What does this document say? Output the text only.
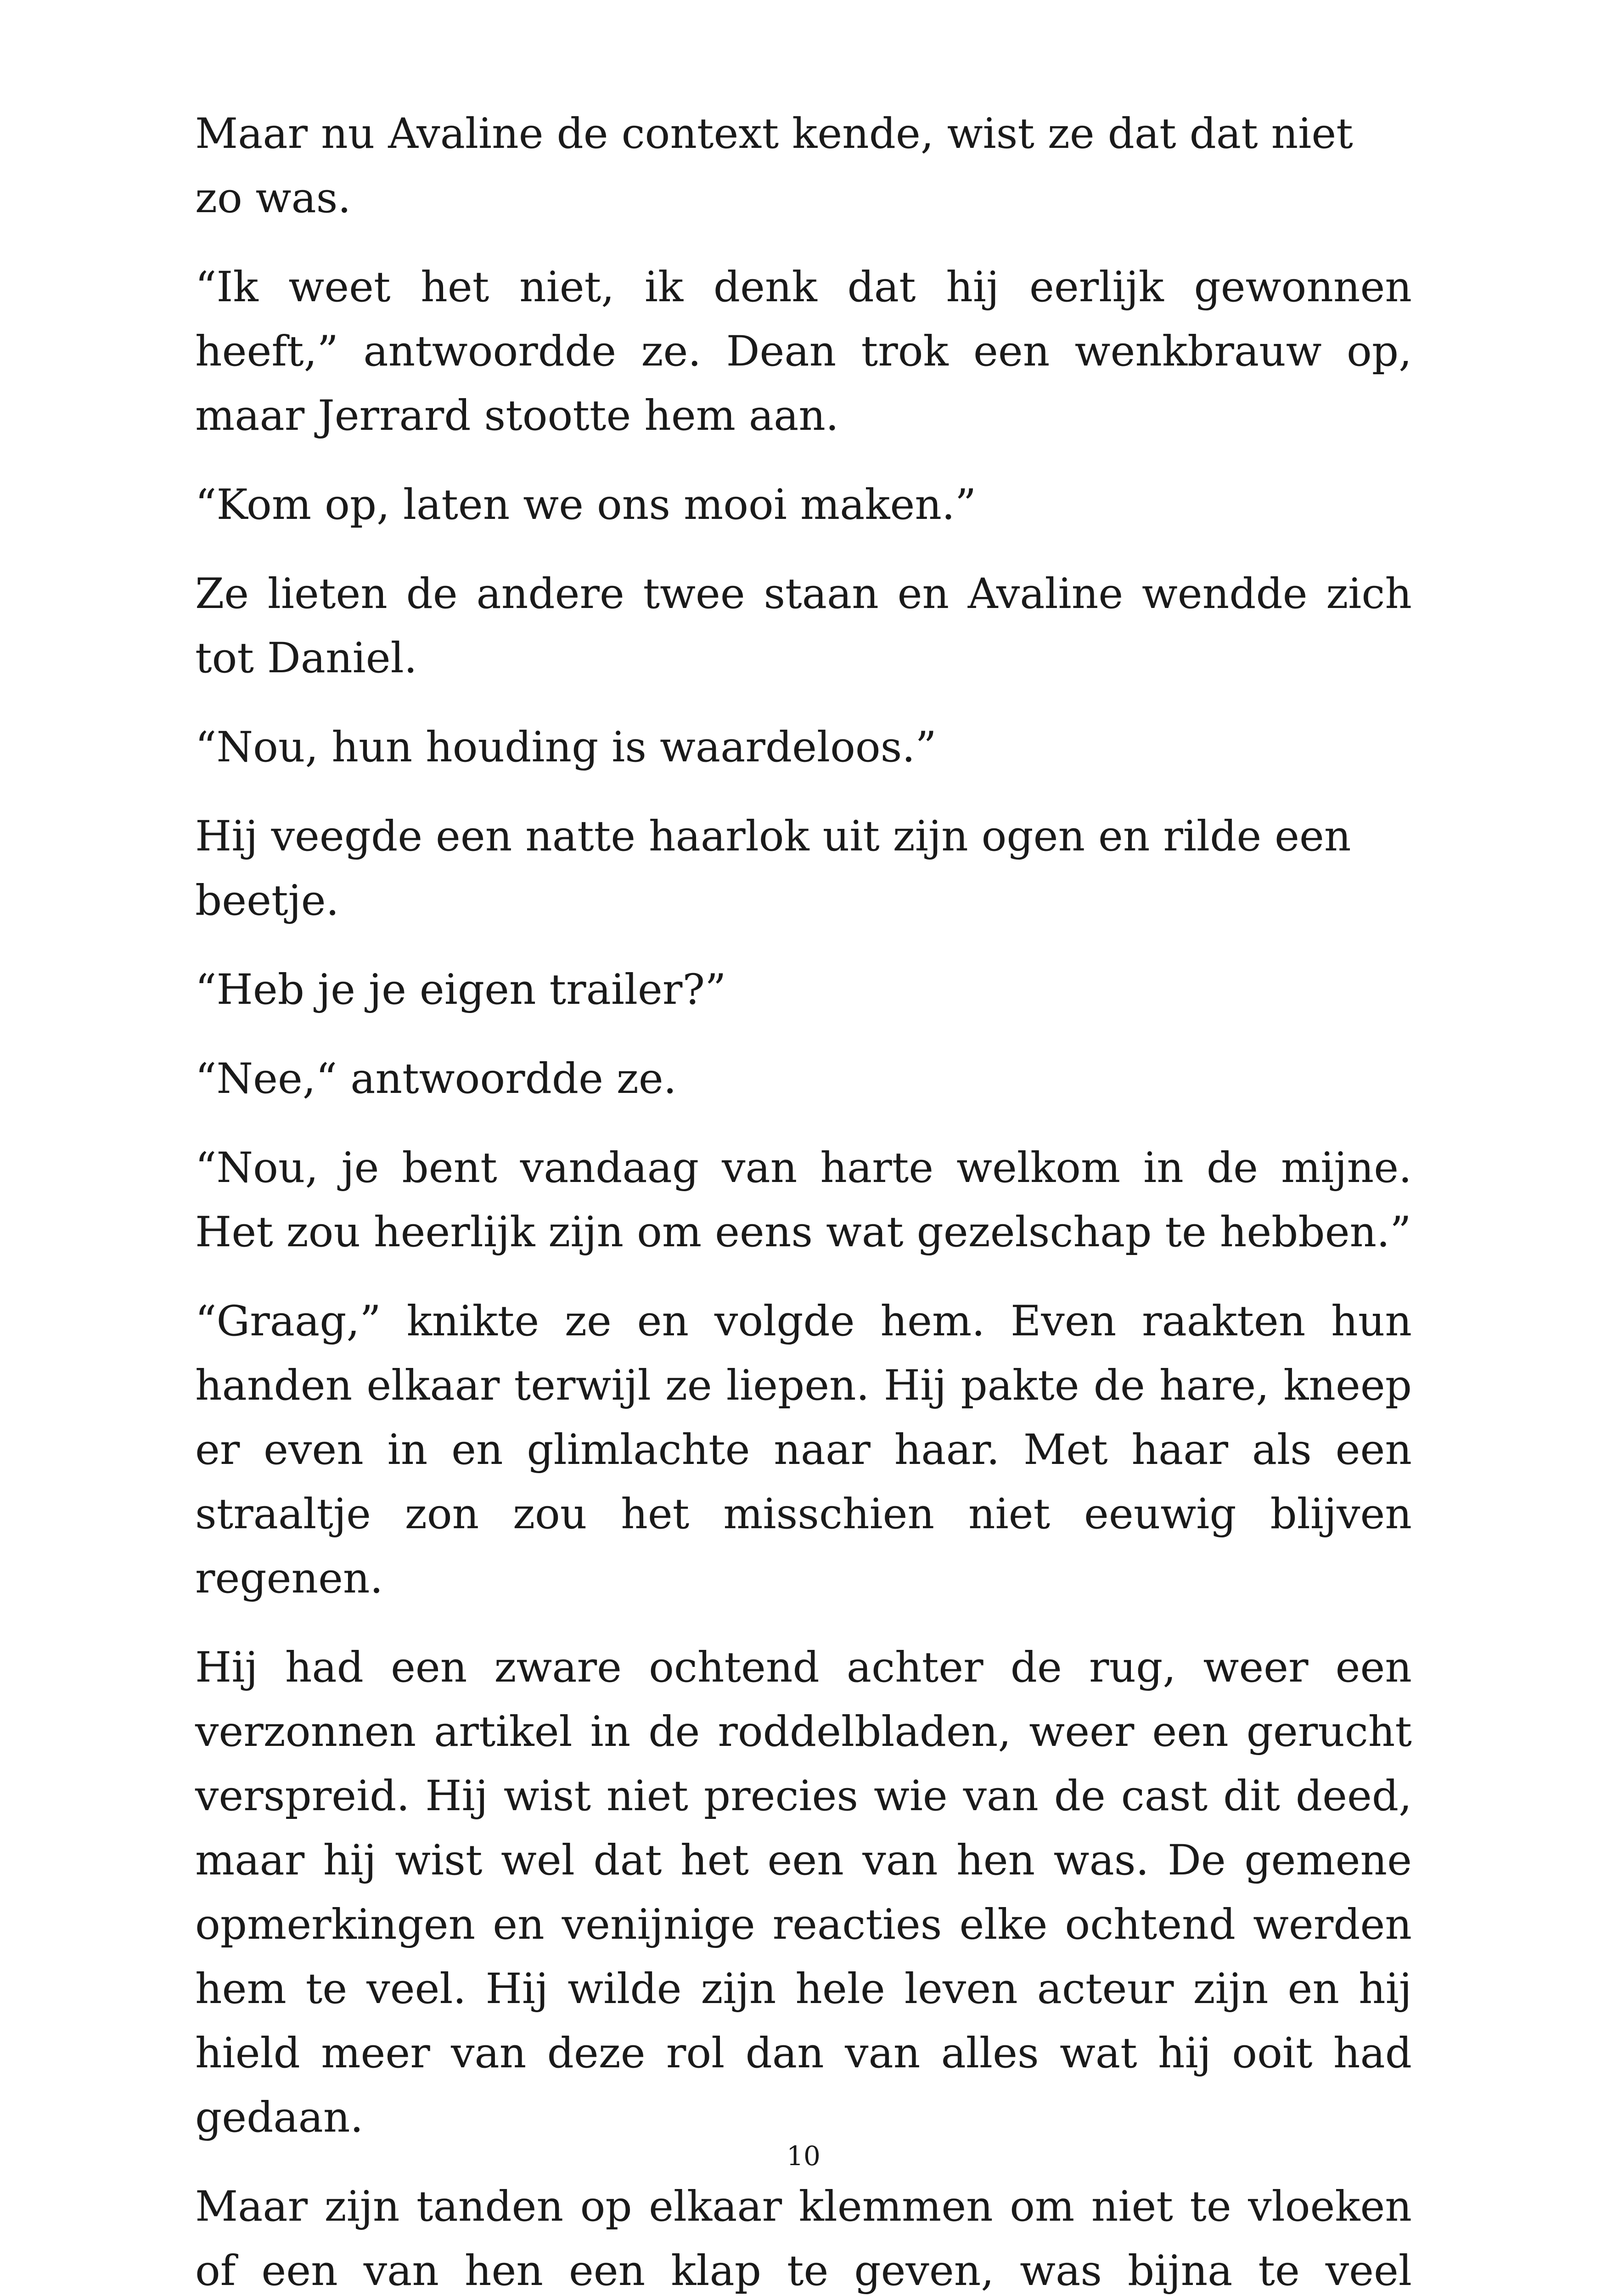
Maar nu Avaline de context kende, wist ze dat dat niet zo was.

“Ik weet het niet, ik denk dat hij eerlijk gewonnen heeft,” antwoordde ze. Dean trok een wenkbrauw op, maar Jerrard stootte hem aan.

“Kom op, laten we ons mooi maken.”

Ze lieten de andere twee staan en Avaline wendde zich tot Daniel.

“Nou, hun houding is waardeloos.”

Hij veegde een natte haarlok uit zijn ogen en rilde een beetje.

“Heb je je eigen trailer?”

“Nee,“ antwoordde ze.

“Nou, je bent vandaag van harte welkom in de mijne. Het zou heerlijk zijn om eens wat gezelschap te hebben.”

“Graag,” knikte ze en volgde hem. Even raakten hun handen elkaar terwijl ze liepen. Hij pakte de hare, kneep er even in en glimlachte naar haar. Met haar als een straaltje zon zou het misschien niet eeuwig blijven regenen.

Hij had een zware ochtend achter de rug, weer een verzonnen artikel in de roddelbladen, weer een gerucht verspreid. Hij wist niet precies wie van de cast dit deed, maar hij wist wel dat het een van hen was. De gemene opmerkingen en venijnige reacties elke ochtend werden hem te veel. Hij wilde zijn hele leven acteur zijn en hij hield meer van deze rol dan van alles wat hij ooit had gedaan.

Maar zijn tanden op elkaar klemmen om niet te vloeken of een van hen een klap te geven, was bijna te veel

10
